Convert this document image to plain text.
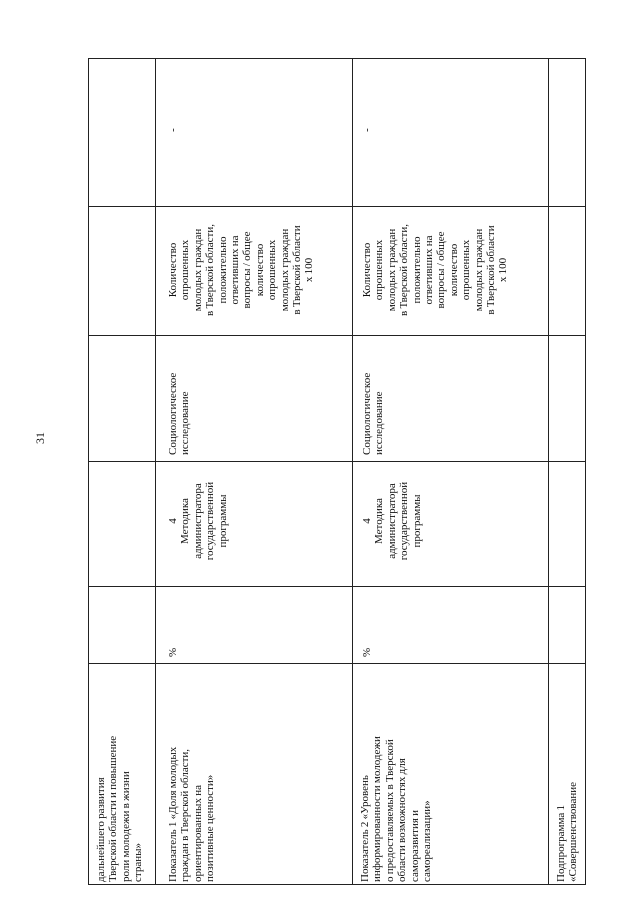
31
дальнейшего развития
Тверской области и повышение
роли молодежи в жизни
страны» Показатель 1 «Доля молодых
граждан в Тверской области,
ориентированных на
позитивные ценности»
%
4
Методика
администратора
государственной
программы
Социологическое
исследование
Количество
опрошенных
молодых граждан
в Тверской области,
положительно
ответивших на
вопросы / общее
количество
опрошенных
молодых граждан
в Тверской области
х 100
-
Показатель 2 «Уровень
информированности молодежи
о предоставляемых в Тверской
области возможностях для
саморазвития и
самореализации»
%
4
Методика
администратора
государственной
программы
Социологическое
исследование
Количество
опрошенных
молодых граждан
в Тверской области,
положительно
ответивших на
вопросы / общее
количество
опрошенных
молодых граждан
в Тверской области
х 100
-
Подпрограмма 1
«Совершенствование
